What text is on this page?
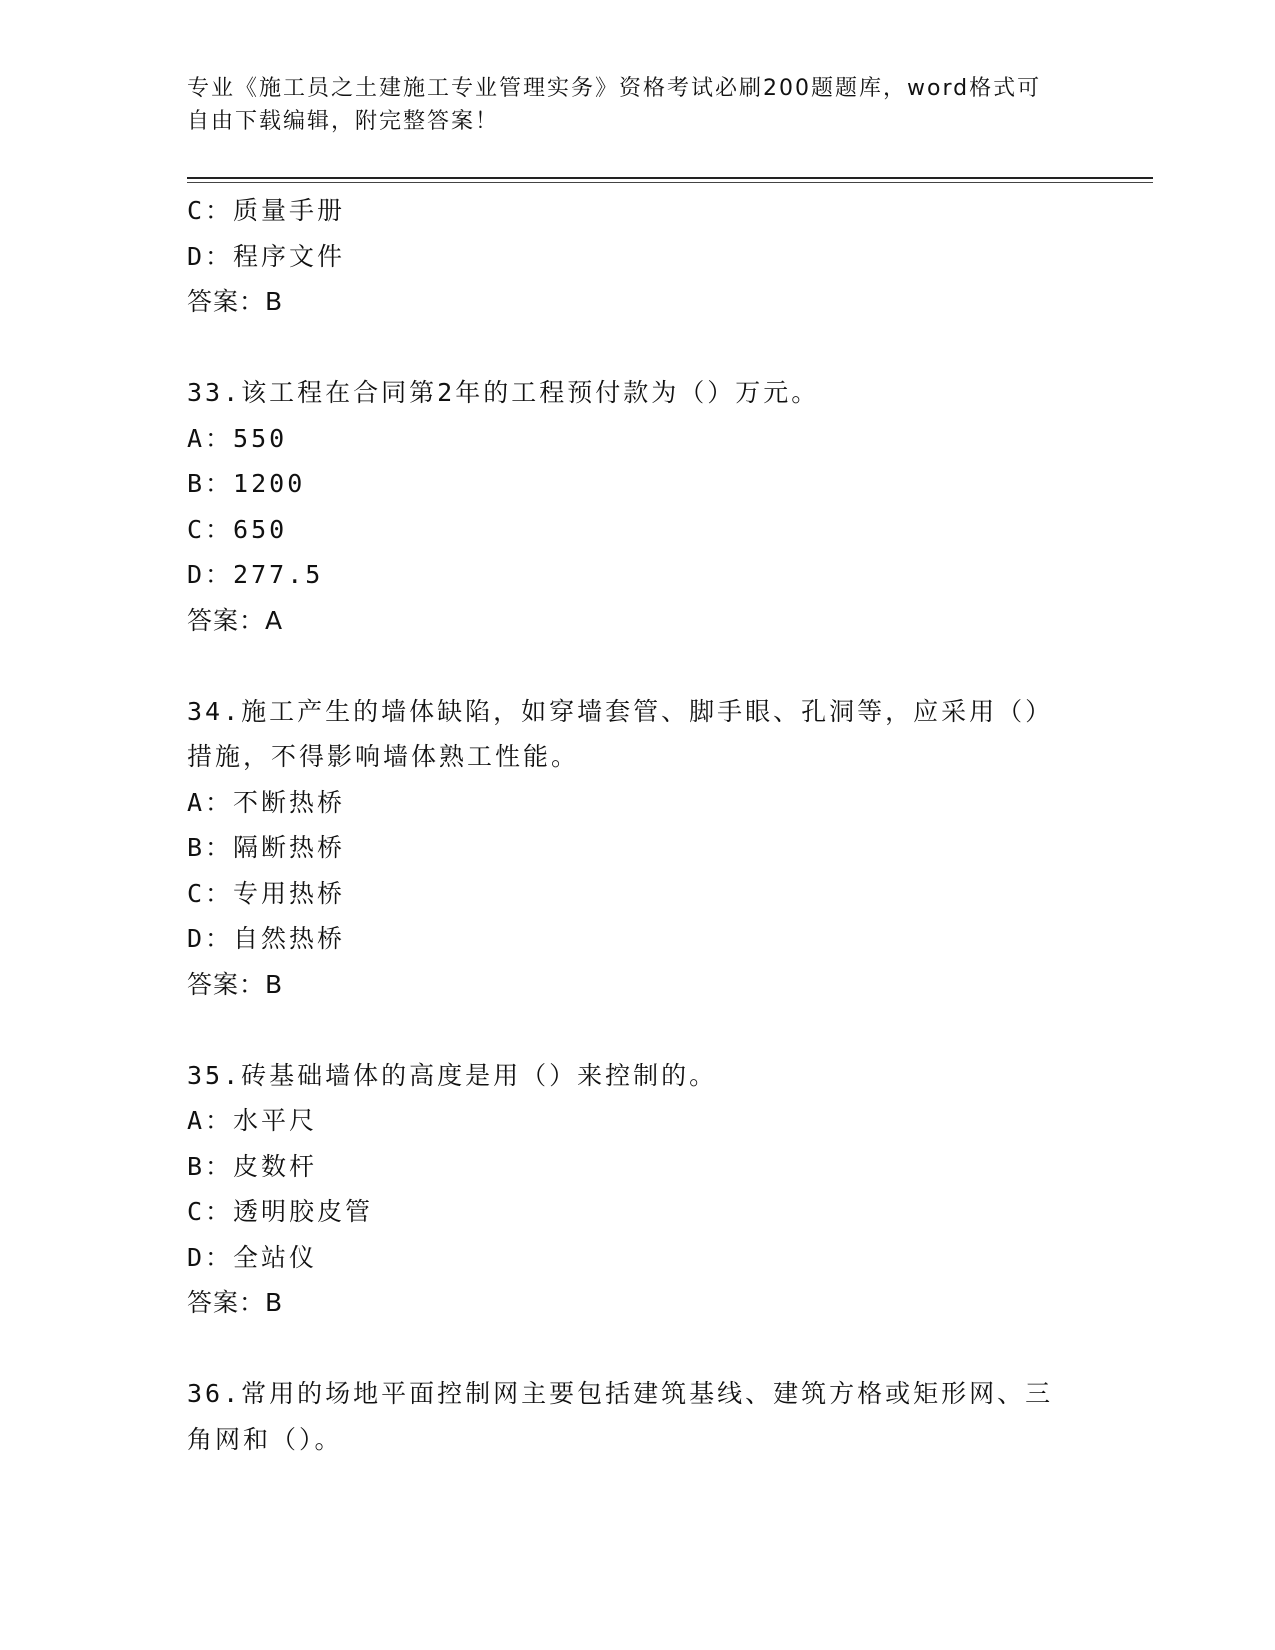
专业《施工员之土建施工专业管理实务》资格考试必刷200题题库，word格式可
自由下载编辑，附完整答案！
C：质量手册
D：程序文件
答案：B
33.该工程在合同第2年的工程预付款为（）万元。
A：550
B：1200
C：650
D：277.5
答案：A
34.施工产生的墙体缺陷，如穿墙套管、脚手眼、孔洞等，应采用（）
措施，不得影响墙体熟工性能。
A：不断热桥
B：隔断热桥
C：专用热桥
D：自然热桥
答案：B
35.砖基础墙体的高度是用（）来控制的。
A：水平尺
B：皮数杆
C：透明胶皮管
D：全站仪
答案：B
36.常用的场地平面控制网主要包括建筑基线、建筑方格或矩形网、三
角网和（）。
